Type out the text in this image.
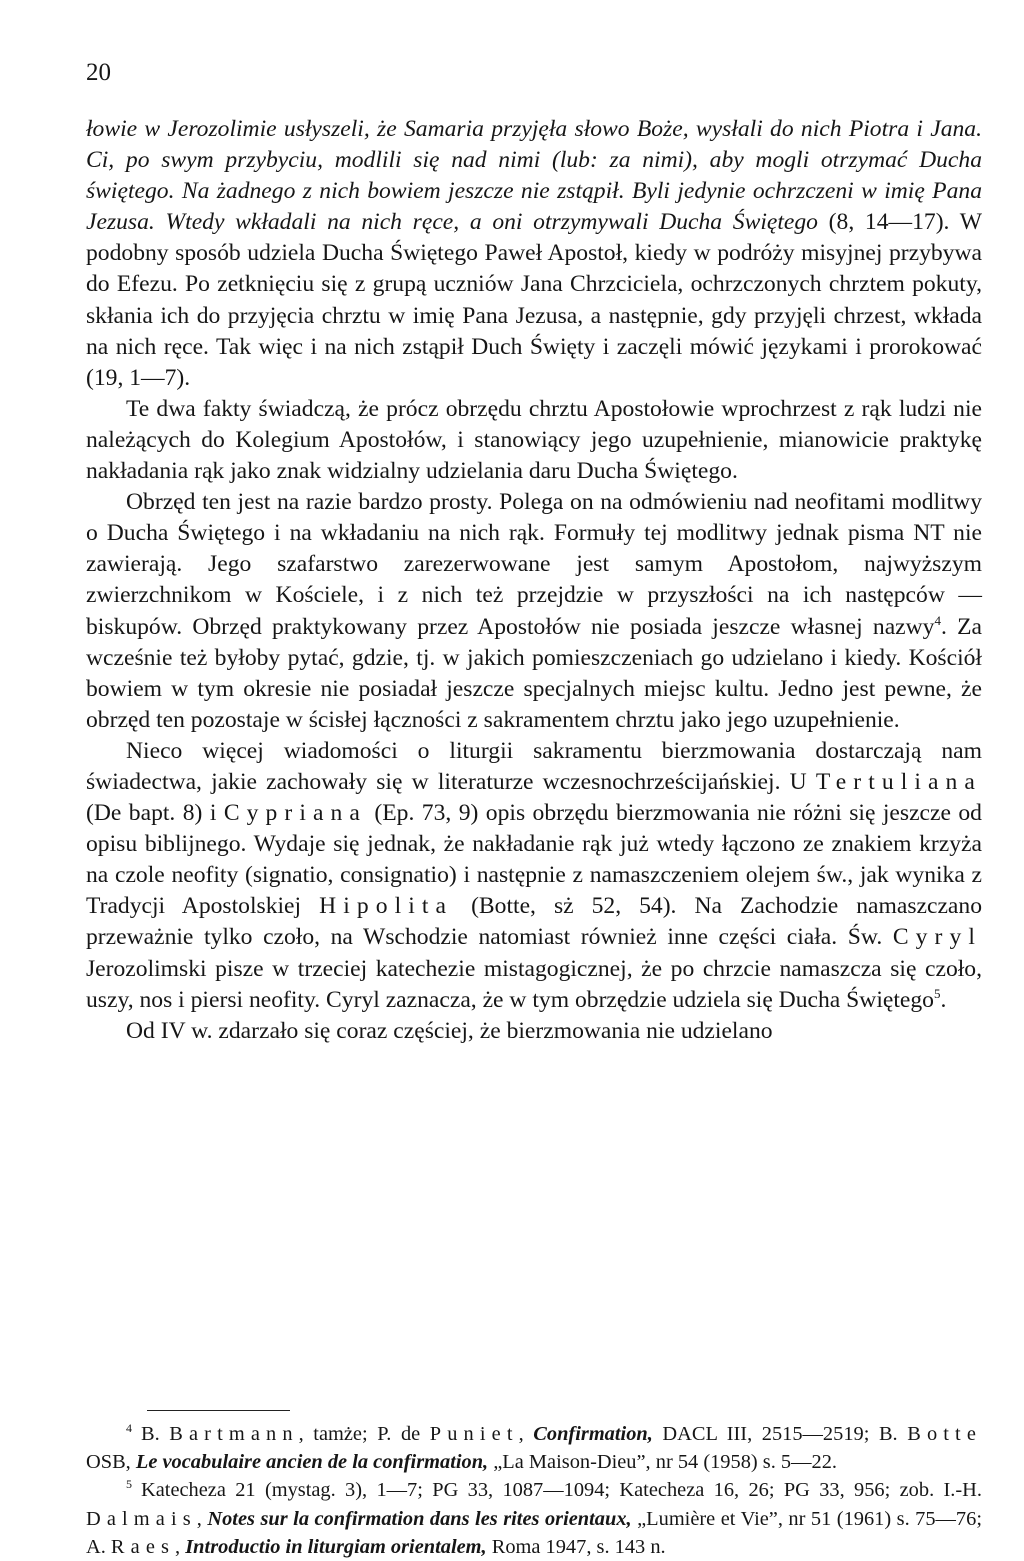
20

łowie w Jerozolimie usłyszeli, że Samaria przyjęła słowo Boże, wysłali do nich Piotra i Jana. Ci, po swym przybyciu, modlili się nad nimi (lub: za nimi), aby mogli otrzymać Ducha świętego. Na żadnego z nich bowiem jeszcze nie zstąpił. Byli jedynie ochrzczeni w imię Pana Jezusa. Wtedy wkładali na nich ręce, a oni otrzymywali Ducha Świętego (8, 14—17). W podobny sposób udziela Ducha Świętego Paweł Apostoł, kiedy w podróży misyjnej przybywa do Efezu. Po zetknięciu się z grupą uczniów Jana Chrzciciela, ochrzczonych chrztem pokuty, skłania ich do przyjęcia chrztu w imię Pana Jezusa, a następnie, gdy przyjęli chrzest, wkłada na nich ręce. Tak więc i na nich zstąpił Duch Święty i zaczęli mówić językami i prorokować (19, 1—7).

Te dwa fakty świadczą, że prócz obrzędu chrztu Apostołowie wprochrzest z rąk ludzi nie należących do Kolegium Apostołów, i stanowiący jego uzupełnienie, mianowicie praktykę nakładania rąk jako znak widzialny udzielania daru Ducha Świętego.

Obrzęd ten jest na razie bardzo prosty. Polega on na odmówieniu nad neofitami modlitwy o Ducha Świętego i na wkładaniu na nich rąk. Formuły tej modlitwy jednak pisma NT nie zawierają. Jego szafarstwo zarezerwowane jest samym Apostołom, najwyższym zwierzchnikom w Kościele, i z nich też przejdzie w przyszłości na ich następców — biskupów. Obrzęd praktykowany przez Apostołów nie posiada jeszcze własnej nazwy$^4$. Za wcześnie też byłoby pytać, gdzie, tj. w jakich pomieszczeniach go udzielano i kiedy. Kościół bowiem w tym okresie nie posiadał jeszcze specjalnych miejsc kultu. Jedno jest pewne, że obrzęd ten pozostaje w ścisłej łączności z sakramentem chrztu jako jego uzupełnienie.

Nieco więcej wiadomości o liturgii sakramentu bierzmowania dostarczają nam świadectwa, jakie zachowały się w literaturze wczesnochrześcijańskiej. U Tertuliana (De bapt. 8) i Cypriana (Ep. 73, 9) opis obrzędu bierzmowania nie różni się jeszcze od opisu biblijnego. Wydaje się jednak, że nakładanie rąk już wtedy łączono ze znakiem krzyża na czole neofity (signatio, consignatio) i następnie z namaszczeniem olejem św., jak wynika z Tradycji Apostolskiej Hipolita (Botte, sż 52, 54). Na Zachodzie namaszczano przeważnie tylko czoło, na Wschodzie natomiast również inne części ciała. Św. Cyryl Jerozolimski pisze w trzeciej katechezie mistagogicznej, że po chrzcie namaszcza się czoło, uszy, nos i piersi neofity. Cyryl zaznacza, że w tym obrzędzie udziela się Ducha Świętego$^5$.

Od IV w. zdarzało się coraz częściej, że bierzmowania nie udzielano

$^4$ B. Bartmann, tamże; P. de Puniet, Confirmation, DACL III, 2515—2519; B. Botte OSB, Le vocabulaire ancien de la confirmation, „La Maison-Dieu”, nr 54 (1958) s. 5—22.

$^5$ Katecheza 21 (mystag. 3), 1—7; PG 33, 1087—1094; Katecheza 16, 26; PG 33, 956; zob. I.-H. Dalmais, Notes sur la confirmation dans les rites orientaux, „Lumière et Vie”, nr 51 (1961) s. 75—76; A. Raes, Introductio in liturgiam orientalem, Roma 1947, s. 143 n.
